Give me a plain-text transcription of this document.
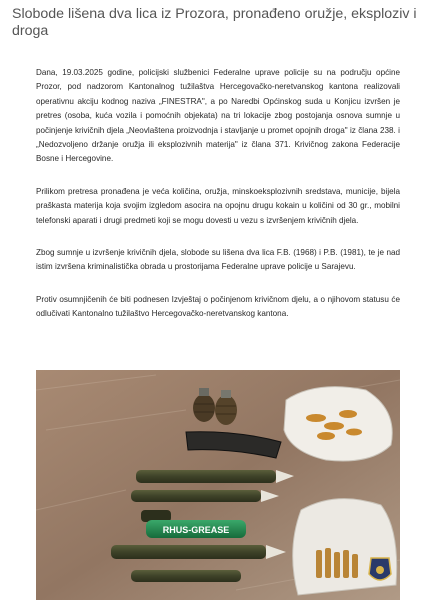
Slobode lišena dva lica iz Prozora, pronađeno oružje, eksploziv i droga

Dana, 19.03.2025 godine, policijski službenici Federalne uprave policije su na području općine Prozor, pod nadzorom Kantonalnog tužilaštva Hercegovačko-neretvanskog kantona realizovali operativnu akciju kodnog naziva „FINESTRA", a po Naredbi Općinskog suda u Konjicu izvršen je pretres (osoba, kuća vozila i pomoćnih objekata) na tri lokacije zbog postojanja osnova sumnje u počinjenje krivičnih djela „Neovlaštena proizvodnja i stavljanje u promet opojnih droga" iz člana 238. i „Nedozvoljeno držanje oružja ili eksplozivnih materija" iz člana 371. Krivičnog zakona Federacije Bosne i Hercegovine.

Prilikom pretresa pronađena je veća količina, oružja, minskoeksplozivnih sredstava, municije, bijela praškasta materija koja svojim izgledom asocira na opojnu drugu kokain u količini od 30 gr., mobilni telefonski aparati i drugi predmeti koji se mogu dovesti u vezu s izvršenjem krivičnih djela.

Zbog sumnje u izvršenje krivičnih djela, slobode su lišena dva lica F.B. (1968) i P.B. (1981), te je nad istim izvršena kriminalistička obrada u prostorijama Federalne uprave policije u Sarajevu.

Protiv osumnjičenih će biti podnesen Izvještaj o počinjenom krivičnom djelu, a o njihovom statusu će odlučivati Kantonalno tužilaštvo Hercegovačko-neretvanskog kantona.

RHUS-GREASE
